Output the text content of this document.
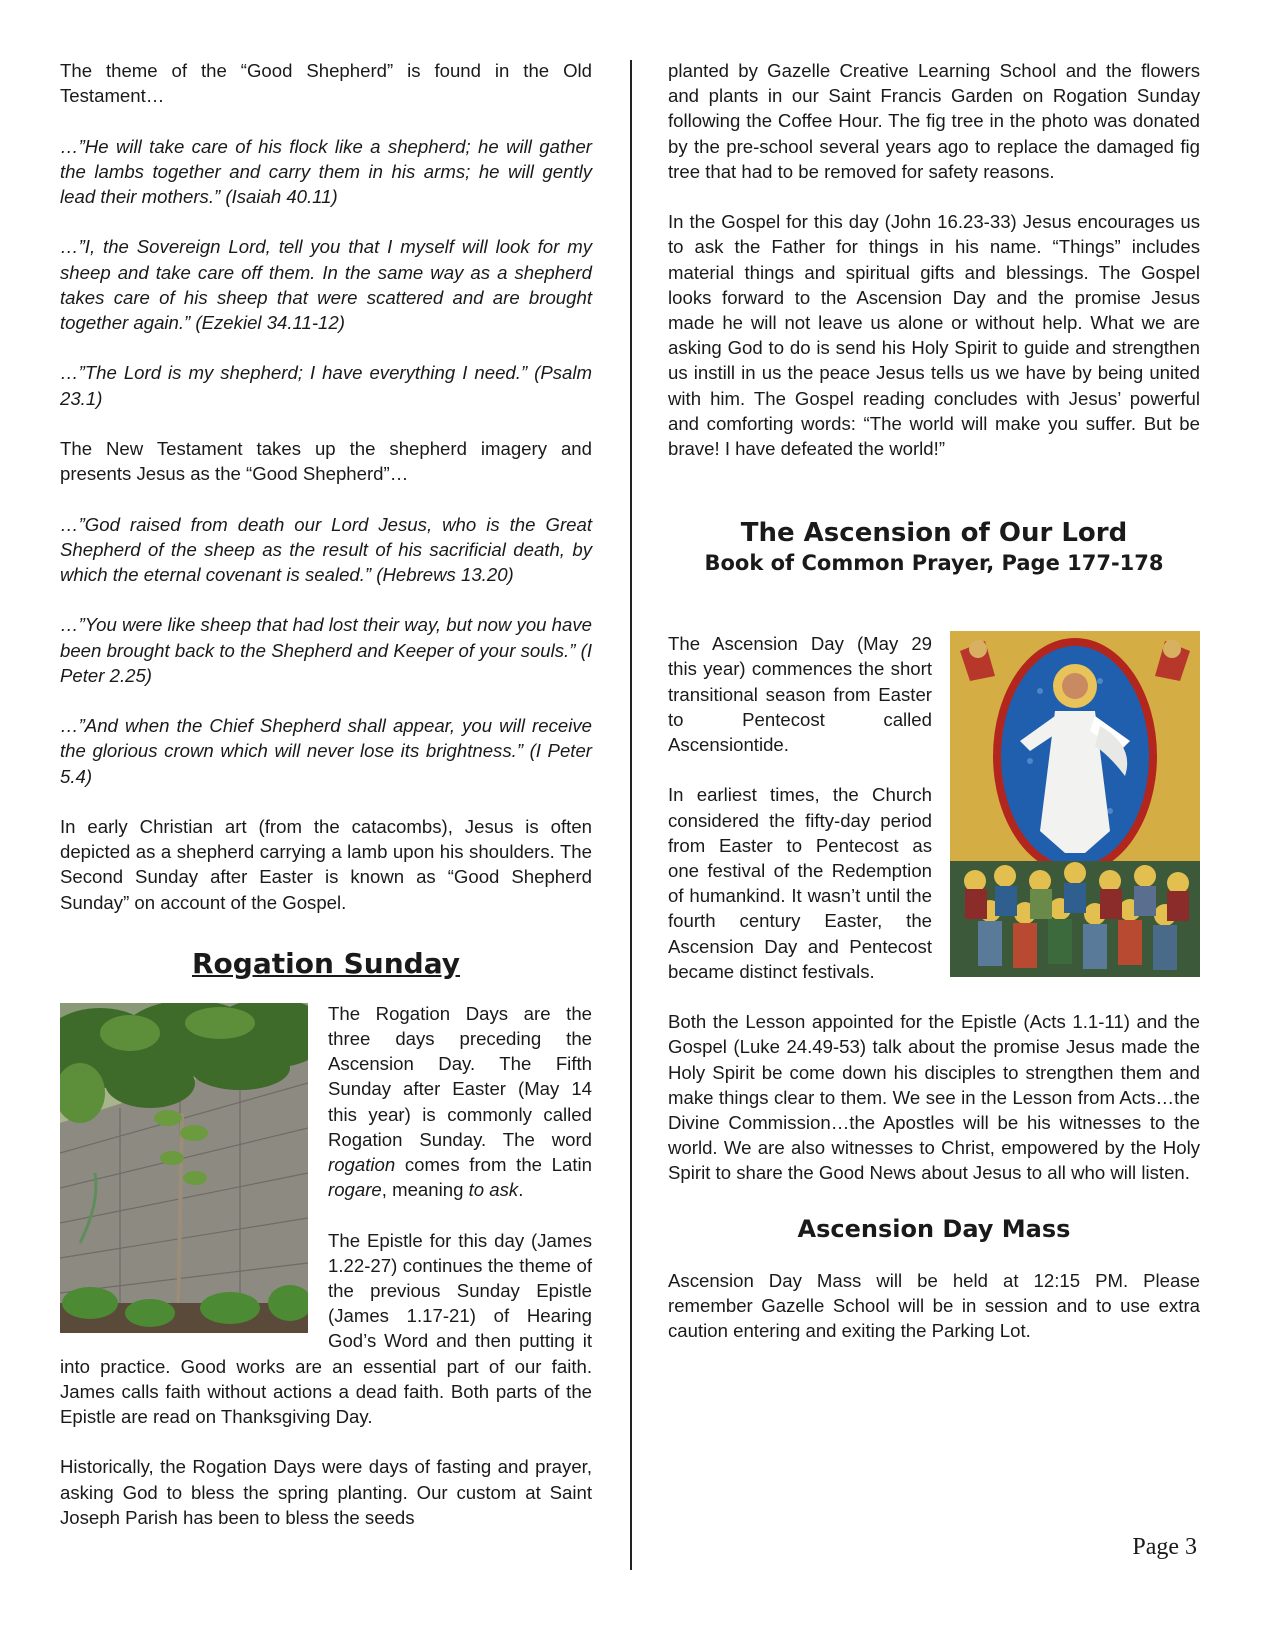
The theme of the “Good Shepherd” is found in the Old Testament…

…”He will take care of his flock like a shepherd; he will gather the lambs together and carry them in his arms; he will gently lead their mothers.” (Isaiah 40.11)

…”I, the Sovereign Lord, tell you that I myself will look for my sheep and take care off them. In the same way as a shepherd takes care of his sheep that were scattered and are brought together again.” (Ezekiel 34.11-12)

…”The Lord is my shepherd; I have everything I need.” (Psalm 23.1)

The New Testament takes up the shepherd imagery and presents Jesus as the “Good Shepherd”…

…”God raised from death our Lord Jesus, who is the Great Shepherd of the sheep as the result of his sacrificial death, by which the eternal covenant is sealed.” (Hebrews 13.20)

…”You were like sheep that had lost their way, but now you have been brought back to the Shepherd and Keeper of your souls.” (I Peter 2.25)

…”And when the Chief Shepherd shall appear, you will receive the glorious crown which will never lose its brightness.” (I Peter 5.4)

In early Christian art (from the catacombs), Jesus is often depicted as a shepherd carrying a lamb upon his shoulders. The Second Sunday after Easter is known as “Good Shepherd Sunday” on account of the Gospel.

Rogation Sunday

The Rogation Days are the three days preceding the Ascension Day. The Fifth Sunday after Easter (May 14 this year) is commonly called Rogation Sunday. The word rogation comes from the Latin rogare, meaning to ask.

The Epistle for this day (James 1.22-27) continues the theme of the previous Sunday Epistle (James 1.17-21) of Hearing God’s Word and then putting it into practice. Good works are an essential part of our faith. James calls faith without actions a dead faith. Both parts of the Epistle are read on Thanksgiving Day.

Historically, the Rogation Days were days of fasting and prayer, asking God to bless the spring planting. Our custom at Saint Joseph Parish has been to bless the seeds

planted by Gazelle Creative Learning School and the flowers and plants in our Saint Francis Garden on Rogation Sunday following the Coffee Hour. The fig tree in the photo was donated by the pre-school several years ago to replace the damaged fig tree that had to be removed for safety reasons.

In the Gospel for this day (John 16.23-33) Jesus encourages us to ask the Father for things in his name. “Things” includes material things and spiritual gifts and blessings. The Gospel looks forward to the Ascension Day and the promise Jesus made he will not leave us alone or without help. What we are asking God to do is send his Holy Spirit to guide and strengthen us instill in us the peace Jesus tells us we have by being united with him. The Gospel reading concludes with Jesus’ powerful and comforting words: “The world will make you suffer. But be brave! I have defeated the world!”

The Ascension of Our Lord
Book of Common Prayer, Page 177-178

The Ascension Day (May 29 this year) commences the short transitional season from Easter to Pentecost called Ascensiontide.

In earliest times, the Church considered the fifty-day period from Easter to Pentecost as one festival of the Redemption of humankind. It wasn’t until the fourth century Easter, the Ascension Day and Pentecost became distinct festivals.

Both the Lesson appointed for the Epistle (Acts 1.1-11) and the Gospel (Luke 24.49-53) talk about the promise Jesus made the Holy Spirit be come down his disciples to strengthen them and make things clear to them. We see in the Lesson from Acts…the Divine Commission…the Apostles will be his witnesses to the world. We are also witnesses to Christ, empowered by the Holy Spirit to share the Good News about Jesus to all who will listen.

Ascension Day Mass

Ascension Day Mass will be held at 12:15 PM. Please remember Gazelle School will be in session and to use extra caution entering and exiting the Parking Lot.

Page 3
